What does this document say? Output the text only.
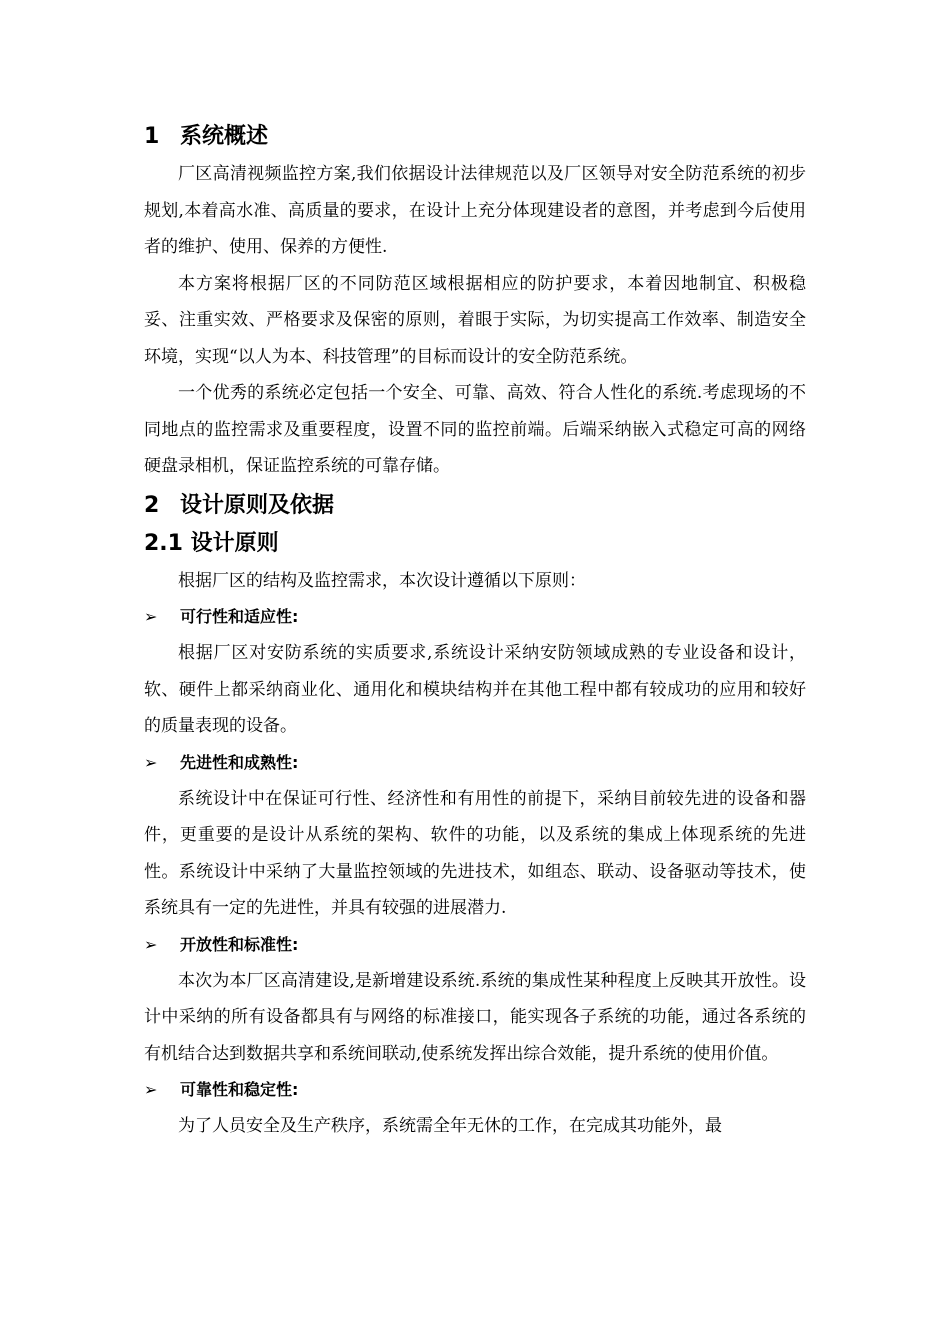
1 系统概述

厂区高清视频监控方案,我们依据设计法律规范以及厂区领导对安全防范系统的初步规划,本着高水准、高质量的要求，在设计上充分体现建设者的意图，并考虑到今后使用者的维护、使用、保养的方便性.

本方案将根据厂区的不同防范区域根据相应的防护要求，本着因地制宜、积极稳妥、注重实效、严格要求及保密的原则，着眼于实际，为切实提高工作效率、制造安全环境，实现“以人为本、科技管理”的目标而设计的安全防范系统。

一个优秀的系统必定包括一个安全、可靠、高效、符合人性化的系统.考虑现场的不同地点的监控需求及重要程度，设置不同的监控前端。后端采纳嵌入式稳定可高的网络硬盘录相机，保证监控系统的可靠存储。

2 设计原则及依据
2.1 设计原则

根据厂区的结构及监控需求，本次设计遵循以下原则：

➢	可行性和适应性:

根据厂区对安防系统的实质要求,系统设计采纳安防领域成熟的专业设备和设计，软、硬件上都采纳商业化、通用化和模块结构并在其他工程中都有较成功的应用和较好的质量表现的设备。

➢	先进性和成熟性:

系统设计中在保证可行性、经济性和有用性的前提下，采纳目前较先进的设备和器件，更重要的是设计从系统的架构、软件的功能，以及系统的集成上体现系统的先进性。系统设计中采纳了大量监控领域的先进技术，如组态、联动、设备驱动等技术，使系统具有一定的先进性，并具有较强的进展潜力.

➢	开放性和标准性:

本次为本厂区高清建设,是新增建设系统.系统的集成性某种程度上反映其开放性。设计中采纳的所有设备都具有与网络的标准接口，能实现各子系统的功能，通过各系统的有机结合达到数据共享和系统间联动,使系统发挥出综合效能，提升系统的使用价值。

➢	可靠性和稳定性:

为了人员安全及生产秩序，系统需全年无休的工作，在完成其功能外，最
